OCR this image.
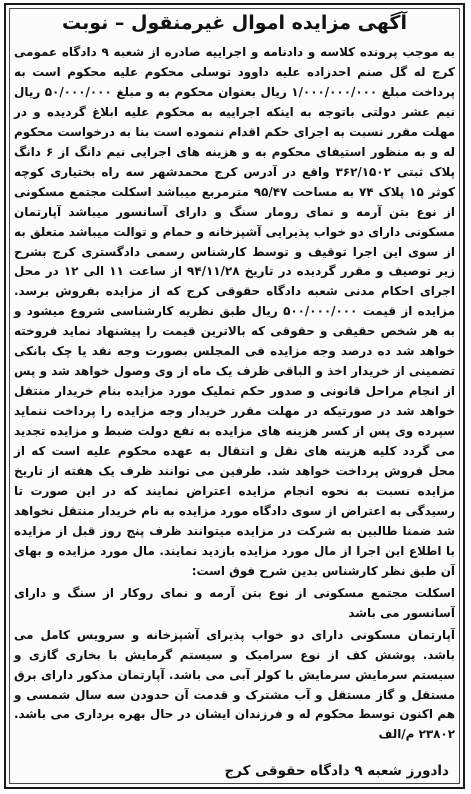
آگهی مزایده اموال غیرمنقول – نوبت

به موجب پرونده کلاسه و دادنامه و اجراییه صادره از شعبه ۹ دادگاه عمومی کرج له گل صنم احدزاده علیه داوود توسلی محکوم علیه محکوم است به پرداخت مبلغ ۱/۰۰۰/۰۰۰/۰۰۰ ریال بعنوان محکوم به و مبلغ ۵۰/۰۰۰/۰۰۰ ریال نیم عشر دولتی باتوجه به اینکه اجراییه به محکوم علیه ابلاغ گردیده و در مهلت مقرر نسبت به اجرای حکم اقدام ننموده است بنا به درخواست محکوم له و به منظور استیفای محکوم به و هزینه های اجرایی نیم دانگ از ۶ دانگ پلاک ثبتی ۳۶۲/۱۵۰۲ واقع در آدرس کرج محمدشهر سه راه بختیاری کوچه کوثر ۱۵ پلاک ۷۴ به مساحت ۹۵/۴۷ مترمربع میباشد اسکلت مجتمع مسکونی از نوع بتن آرمه و نمای رومار سنگ و دارای آسانسور میباشد آپارتمان مسکونی دارای دو خواب پذیرایی آشپزخانه و حمام و توالت میباشد متعلق به از سوی این اجرا توقیف و توسط کارشناس رسمی دادگستری کرج بشرح زیر توصیف و مقرر گردیده در تاریخ ۹۴/۱۱/۲۸ از ساعت ۱۱ الی ۱۲ در محل اجرای احکام مدنی شعبه دادگاه حقوقی کرج که از مزایده بفروش برسد. مزایده از قیمت ۵۰۰/۰۰۰/۰۰۰ ریال طبق نظریه کارشناسی شروع میشود و به هر شخص حقیقی و حقوقی که بالاترین قیمت را پیشنهاد نماید فروخته خواهد شد ده درصد وجه مزایده فی المجلس بصورت وجه نقد یا چک بانکی تضمینی از خریدار اخذ و الباقی ظرف یک ماه از وی وصول خواهد شد و پس از انجام مراحل قانونی و صدور حکم تملیک مورد مزایده بنام خریدار منتقل خواهد شد در صورتیکه در مهلت مقرر خریدار وجه مزایده را پرداخت ننماید سپرده وی پس از کسر هزینه های مزایده به نفع دولت ضبط و مزایده تجدید می گردد کلیه هزینه های نقل و انتقال به عهده محکوم علیه است که از محل فروش پرداخت خواهد شد. طرفین می توانند ظرف یک هفته از تاریخ مزایده نسبت به نحوه انجام مزایده اعتراض نمایند که در این صورت تا رسیدگی به اعتراض از سوی دادگاه مورد مزایده به نام خریدار منتقل نخواهد شد ضمنا طالبین به شرکت در مزایده میتوانند ظرف پنج روز قبل از مزایده با اطلاع این اجرا از مال مورد مزایده بازدید نمایند. مال مورد مزایده و بهای آن طبق نظر کارشناس بدین شرح فوق است:

اسکلت مجتمع مسکونی از نوع بتن آرمه و نمای روکار از سنگ و دارای آسانسور می باشد

آپارتمان مسکونی دارای دو خواب پذیرای آشپزخانه و سرویس کامل می باشد. پوشش کف از نوع سرامیک و سیستم گرمایش با بخاری گازی و سیستم سرمایش سرمایش با کولر آبی می باشد. آپارتمان مذکور دارای برق مستقل و گاز مستقل و آب مشترک و قدمت آن حدودن سه سال شمسی و هم اکنون توسط محکوم له و فرزندان ایشان در حال بهره برداری می باشد. ۲۳۸۰۲ م/الف

دادورز شعبه ۹ دادگاه حقوقی کرج
